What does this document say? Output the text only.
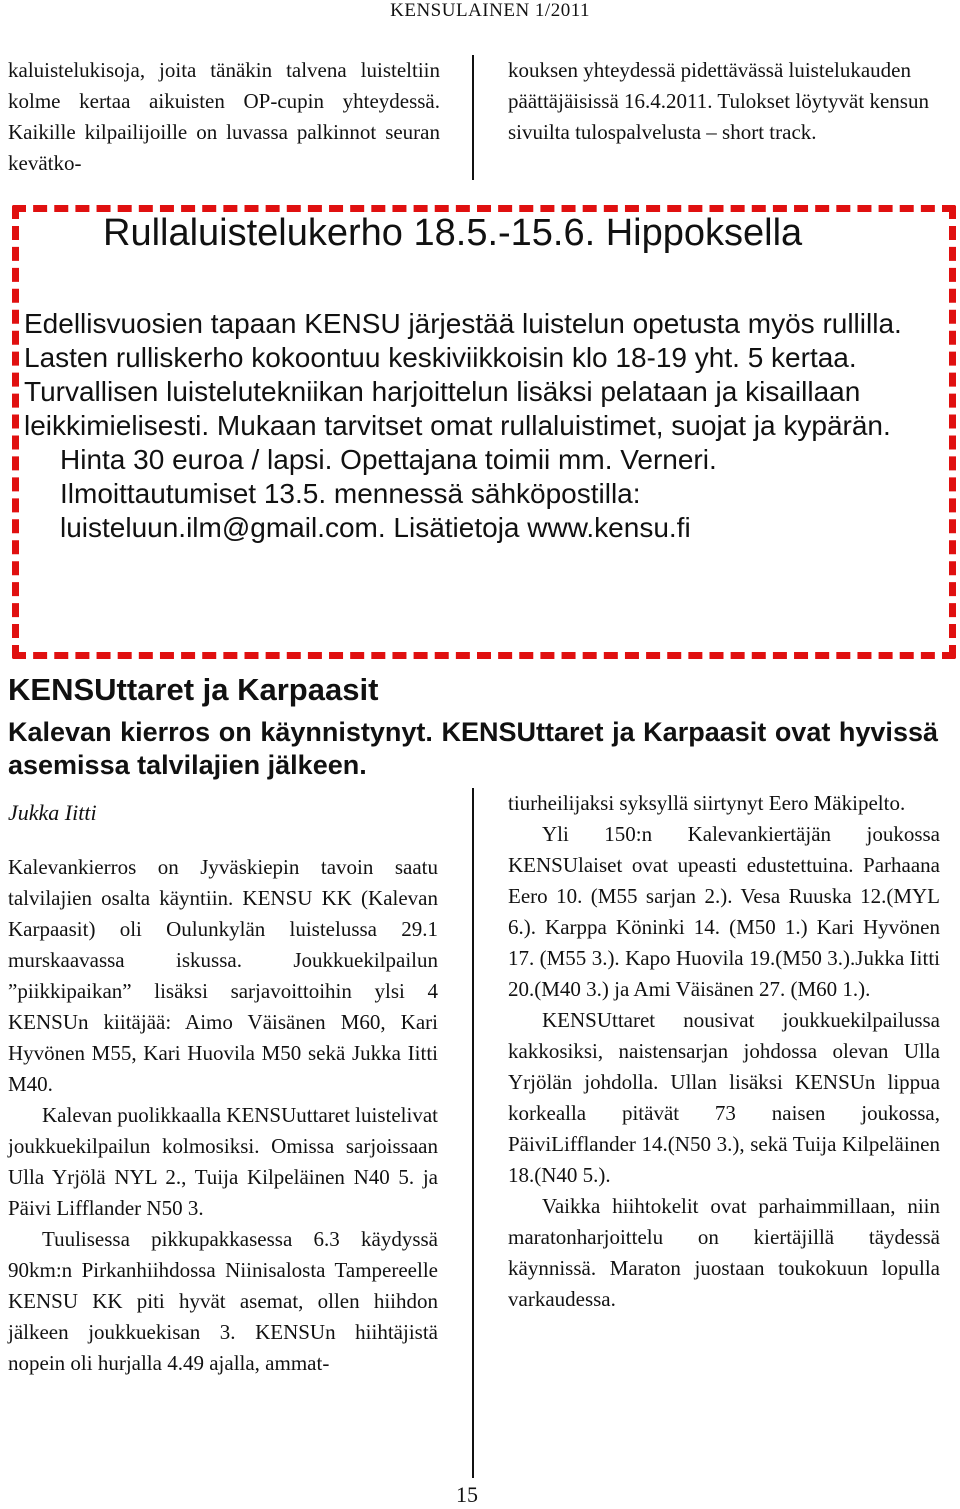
KENSULAINEN 1/2011

kaluistelukisoja, joita tänäkin talvena luisteltiin kolme kertaa aikuisten OP-cupin yhteydessä. Kaikille kilpailijoille on luvassa palkinnot seuran kevätko-

kouksen yhteydessä pidettävässä luistelukauden päättäjäisissä 16.4.2011. Tulokset löytyvät kensun sivuilta tulospalvelusta – short track.

Rullaluistelukerho 18.5.-15.6. Hippoksella

Edellisvuosien tapaan KENSU järjestää luistelun opetusta myös rullilla. Lasten rulliskerho kokoontuu keskiviikkoisin klo 18-19 yht. 5 kertaa. Turvallisen luistelutekniikan harjoittelun lisäksi pelataan ja kisaillaan leikkimielisesti. Mukaan tarvitset omat rullaluistimet, suojat ja kypärän.

Hinta 30 euroa / lapsi. Opettajana toimii mm. Verneri.

Ilmoittautumiset 13.5. mennessä sähköpostilla: luisteluun.ilm@gmail.com. Lisätietoja www.kensu.fi

KENSUttaret ja Karpaasit
Kalevan kierros on käynnistynyt. KENSUttaret ja Karpaasit ovat hyvissä asemissa talvilajien jälkeen.
Jukka Iitti

Kalevankierros on Jyväskiepin tavoin saatu talvilajien osalta käyntiin. KENSU KK (Kalevan Karpaasit) oli Oulunkylän luistelussa 29.1 murskaavassa iskussa. Joukkuekilpailun ”piikkipaikan” lisäksi sarjavoittoihin ylsi 4 KENSUn kiitäjää: Aimo Väisänen M60, Kari Hyvönen M55, Kari Huovila M50 sekä Jukka Iitti M40.

Kalevan puolikkaalla KENSUuttaret luistelivat joukkuekilpailun kolmosiksi. Omissa sarjoissaan Ulla Yrjölä NYL 2., Tuija Kilpeläinen N40 5. ja Päivi Lifflander N50 3.

Tuulisessa pikkupakkasessa 6.3 käydyssä 90km:n Pirkanhiihdossa Niinisalosta Tampereelle KENSU KK piti hyvät asemat, ollen hiihdon jälkeen joukkuekisan 3. KENSUn hiihtäjistä nopein oli hurjalla 4.49 ajalla, ammat-

tiurheilijaksi syksyllä siirtynyt Eero Mäkipelto.

Yli 150:n Kalevankiertäjän joukossa KENSUlaiset ovat upeasti edustettuina. Parhaana Eero 10. (M55 sarjan 2.). Vesa Ruuska 12.(MYL 6.). Karppa Köninki 14. (M50 1.) Kari Hyvönen 17. (M55 3.). Kapo Huovila 19.(M50 3.).Jukka Iitti 20.(M40 3.) ja Ami Väisänen 27. (M60 1.).

KENSUttaret nousivat joukkuekilpailussa kakkosiksi, naistensarjan johdossa olevan Ulla Yrjölän johdolla. Ullan lisäksi KENSUn lippua korkealla pitävät 73 naisen joukossa, PäiviLifflander 14.(N50 3.), sekä Tuija Kilpeläinen 18.(N40 5.).

Vaikka hiihtokelit ovat parhaimmillaan, niin maratonharjoittelu on kiertäjillä täydessä käynnissä. Maraton juostaan toukokuun lopulla varkaudessa.

15
